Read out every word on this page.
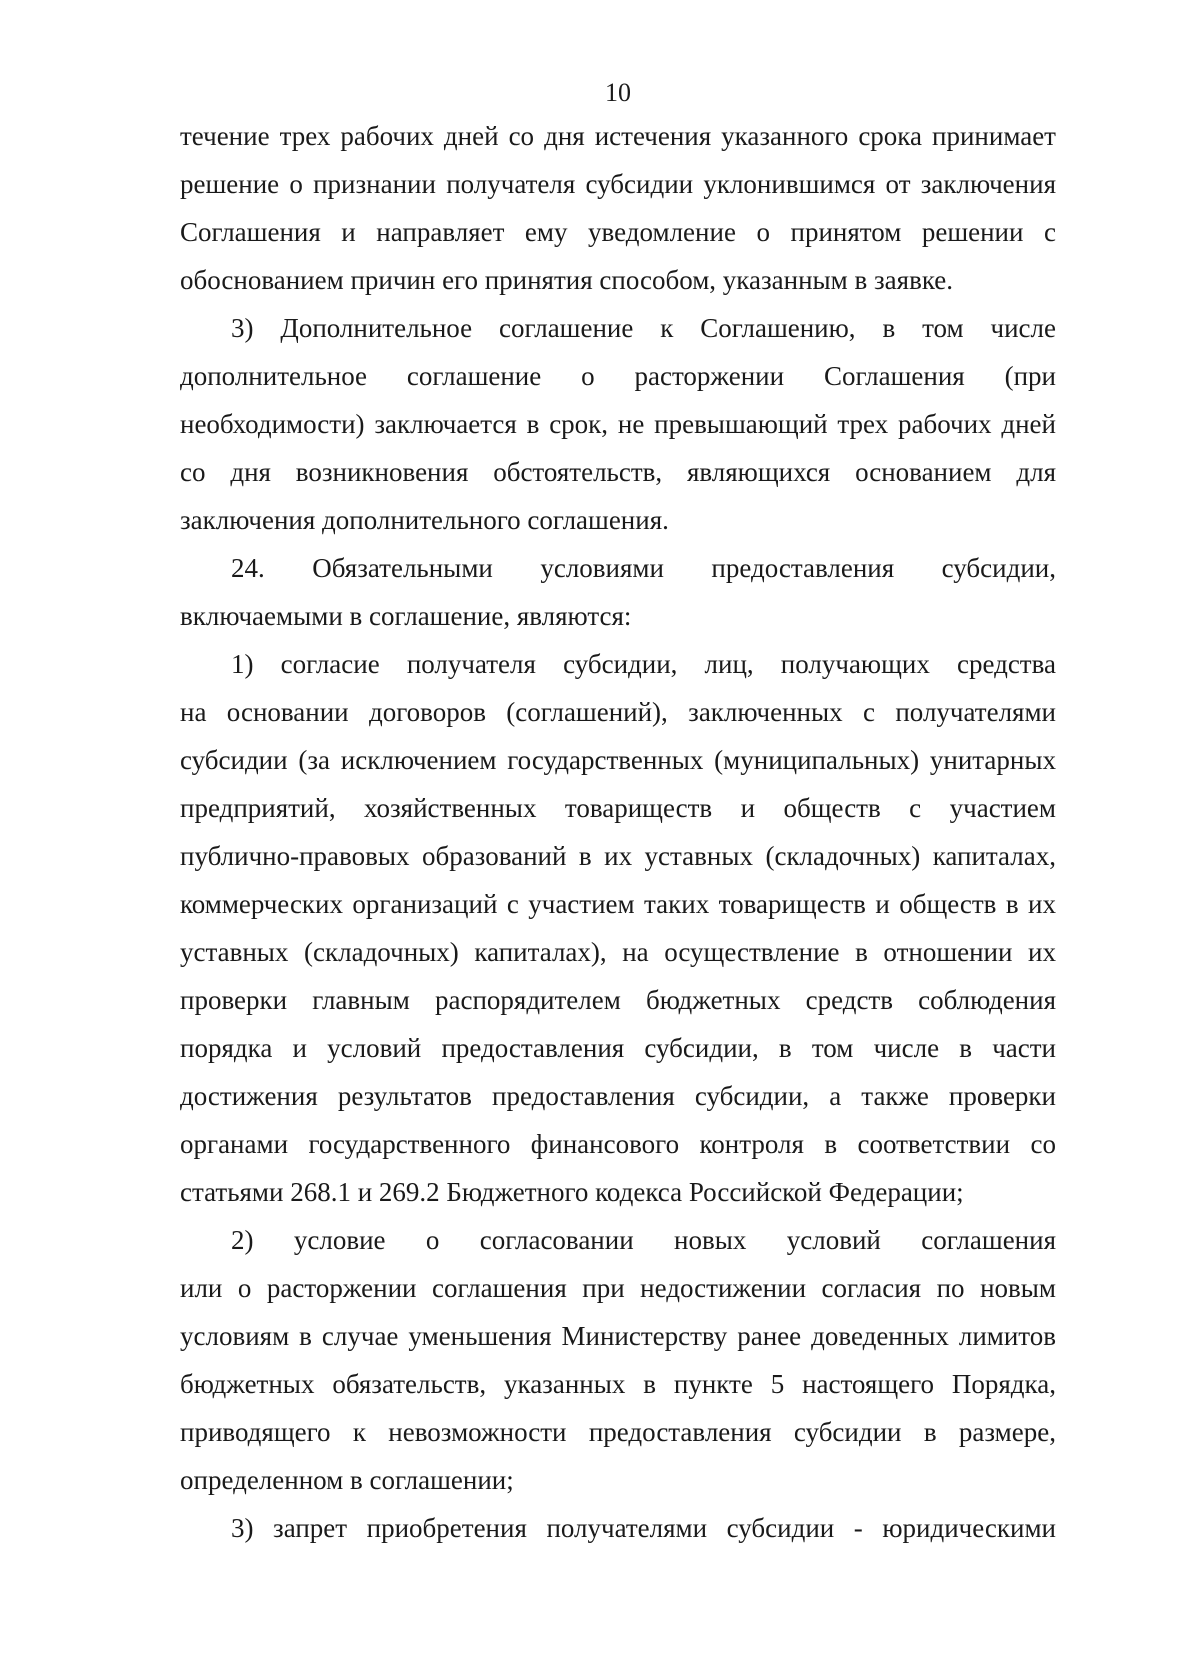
10
течение трех рабочих дней со дня истечения указанного срока принимает
решение о признании получателя субсидии уклонившимся от заключения
Соглашения и направляет ему уведомление о принятом решении с
обоснованием причин его принятия способом, указанным в заявке.
3) Дополнительное соглашение к Соглашению, в том числе
дополнительное соглашение о расторжении Соглашения (при
необходимости) заключается в срок, не превышающий трех рабочих дней
со дня возникновения обстоятельств, являющихся основанием для
заключения дополнительного соглашения.
24. Обязательными условиями предоставления субсидии,
включаемыми в соглашение, являются:
1) согласие получателя субсидии, лиц, получающих средства
на основании договоров (соглашений), заключенных с получателями
субсидии (за исключением государственных (муниципальных) унитарных
предприятий, хозяйственных товариществ и обществ с участием
публично-правовых образований в их уставных (складочных) капиталах,
коммерческих организаций с участием таких товариществ и обществ в их
уставных (складочных) капиталах), на осуществление в отношении их
проверки главным распорядителем бюджетных средств соблюдения
порядка и условий предоставления субсидии, в том числе в части
достижения результатов предоставления субсидии, а также проверки
органами государственного финансового контроля в соответствии со
статьями 268.1 и 269.2 Бюджетного кодекса Российской Федерации;
2) условие о согласовании новых условий соглашения
или о расторжении соглашения при недостижении согласия по новым
условиям в случае уменьшения Министерству ранее доведенных лимитов
бюджетных обязательств, указанных в пункте 5 настоящего Порядка,
приводящего к невозможности предоставления субсидии в размере,
определенном в соглашении;
3) запрет приобретения получателями субсидии - юридическими
